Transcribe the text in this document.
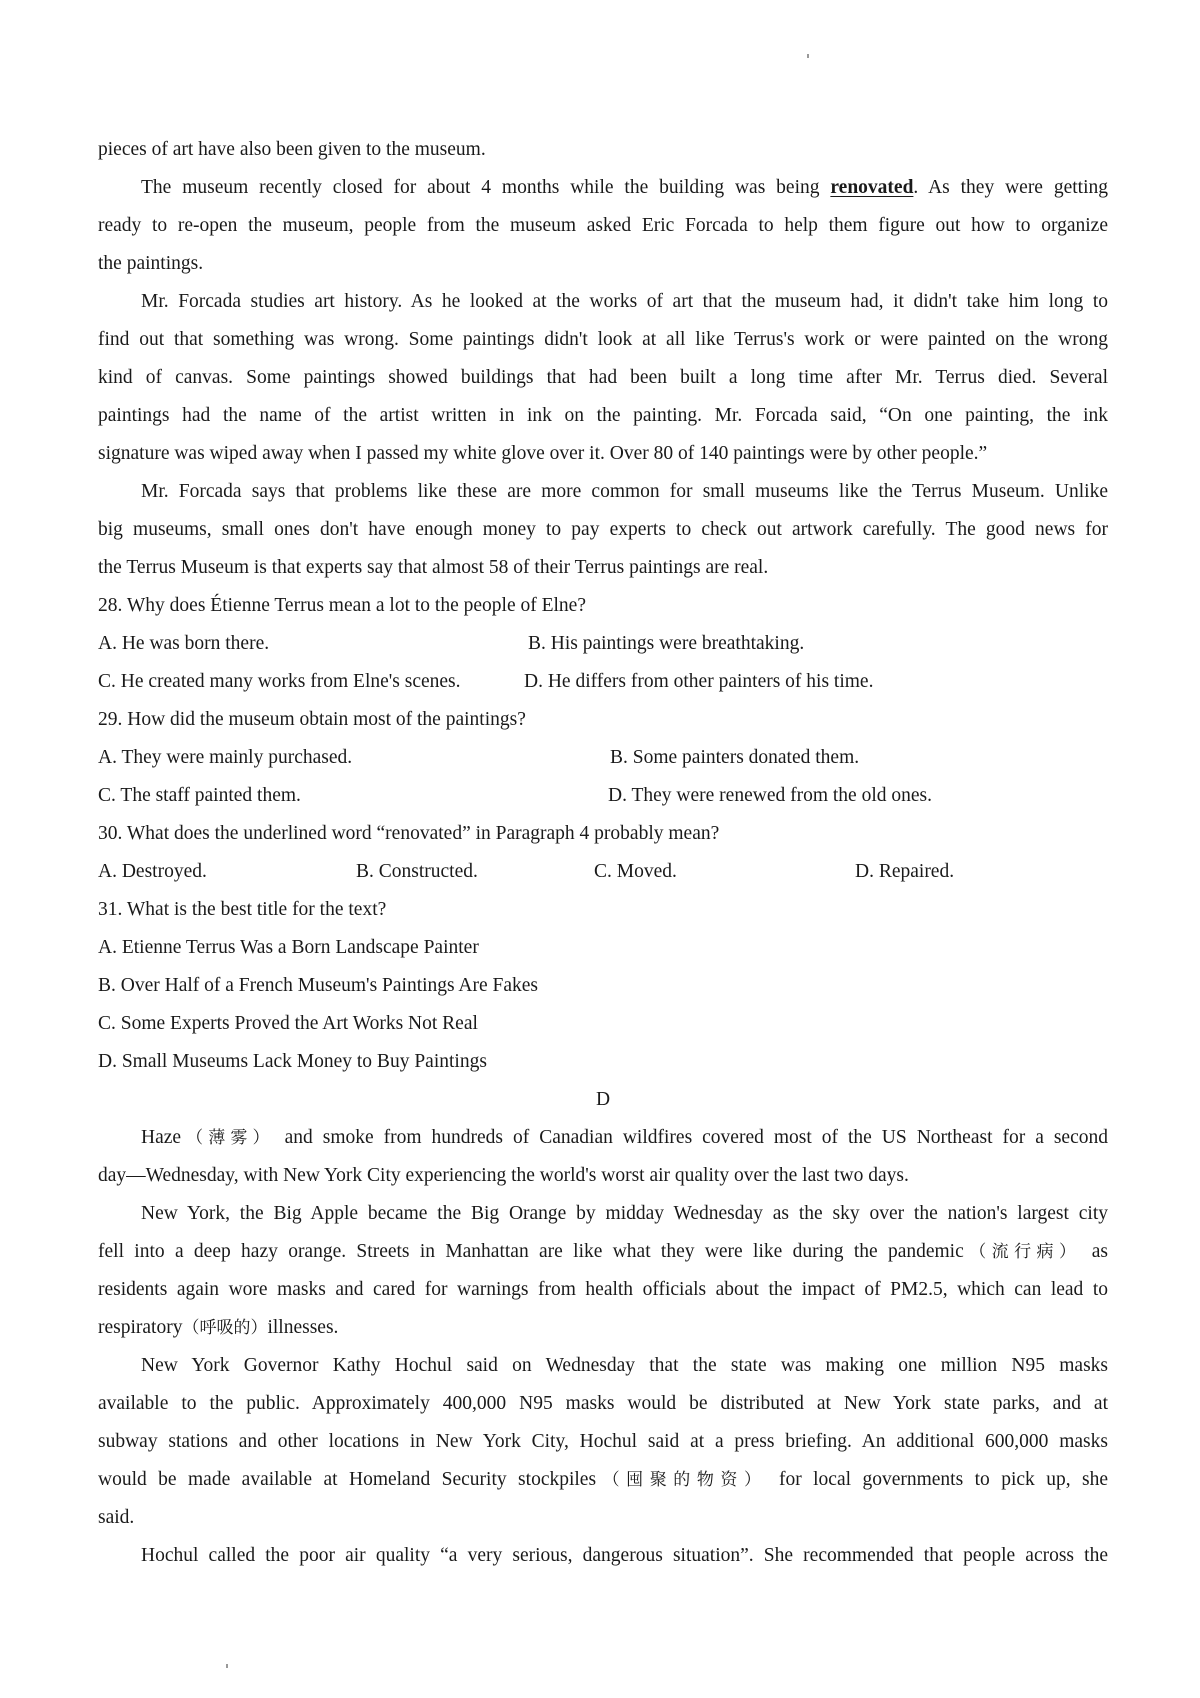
pieces of art have also been given to the museum.
The museum recently closed for about 4 months while the building was being renovated. As they were getting
ready to re-open the museum, people from the museum asked Eric Forcada to help them figure out how to organize
the paintings.
Mr. Forcada studies art history. As he looked at the works of art that the museum had, it didn't take him long to
find out that something was wrong. Some paintings didn't look at all like Terrus's work or were painted on the wrong
kind of canvas. Some paintings showed buildings that had been built a long time after Mr. Terrus died. Several
paintings had the name of the artist written in ink on the painting. Mr. Forcada said, “On one painting, the ink
signature was wiped away when I passed my white glove over it. Over 80 of 140 paintings were by other people.”
Mr. Forcada says that problems like these are more common for small museums like the Terrus Museum. Unlike
big museums, small ones don't have enough money to pay experts to check out artwork carefully. The good news for
the Terrus Museum is that experts say that almost 58 of their Terrus paintings are real.
28. Why does Étienne Terrus mean a lot to the people of Elne?
A. He was born there.	B. His paintings were breathtaking.
C. He created many works from Elne's scenes.	D. He differs from other painters of his time.
29. How did the museum obtain most of the paintings?
A. They were mainly purchased.	B. Some painters donated them.
C. The staff painted them.	D. They were renewed from the old ones.
30. What does the underlined word “renovated” in Paragraph 4 probably mean?
A. Destroyed.	B. Constructed.	C. Moved.	D. Repaired.
31. What is the best title for the text?
A. Etienne Terrus Was a Born Landscape Painter
B. Over Half of a French Museum's Paintings Are Fakes
C. Some Experts Proved the Art Works Not Real
D. Small Museums Lack Money to Buy Paintings
D
Haze（薄雾） and smoke from hundreds of Canadian wildfires covered most of the US Northeast for a second
day—Wednesday, with New York City experiencing the world's worst air quality over the last two days.
New York, the Big Apple became the Big Orange by midday Wednesday as the sky over the nation's largest city
fell into a deep hazy orange. Streets in Manhattan are like what they were like during the pandemic（流行病） as
residents again wore masks and cared for warnings from health officials about the impact of PM2.5, which can lead to
respiratory（呼吸的）illnesses.
New York Governor Kathy Hochul said on Wednesday that the state was making one million N95 masks
available to the public. Approximately 400,000 N95 masks would be distributed at New York state parks, and at
subway stations and other locations in New York City, Hochul said at a press briefing. An additional 600,000 masks
would be made available at Homeland Security stockpiles（囤聚的物资） for local governments to pick up, she
said.
Hochul called the poor air quality “a very serious, dangerous situation”. She recommended that people across the
